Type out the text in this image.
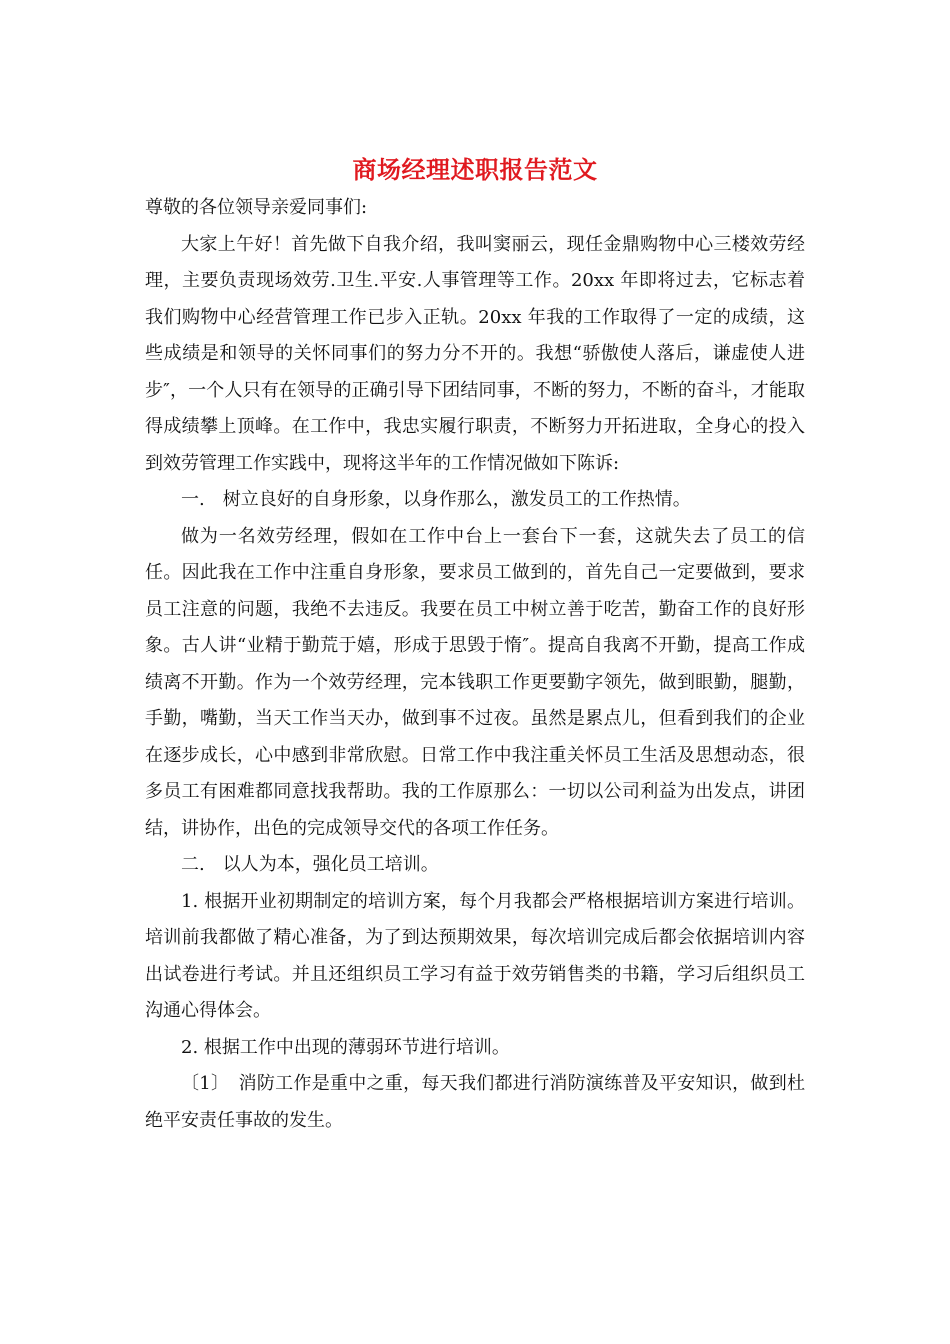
商场经理述职报告范文

尊敬的各位领导亲爱同事们:

大家上午好！首先做下自我介绍，我叫窦丽云，现任金鼎购物中心三楼效劳经理，主要负责现场效劳.卫生.平安.人事管理等工作。20xx 年即将过去，它标志着我们购物中心经营管理工作已步入正轨。20xx 年我的工作取得了一定的成绩，这些成绩是和领导的关怀同事们的努力分不开的。我想“骄傲使人落后，谦虚使人进步″，一个人只有在领导的正确引导下团结同事，不断的努力，不断的奋斗，才能取得成绩攀上顶峰。在工作中，我忠实履行职责，不断努力开拓进取，全身心的投入到效劳管理工作实践中，现将这半年的工作情况做如下陈诉:

一.　树立良好的自身形象，以身作那么，激发员工的工作热情。

做为一名效劳经理，假如在工作中台上一套台下一套，这就失去了员工的信任。因此我在工作中注重自身形象，要求员工做到的，首先自己一定要做到，要求员工注意的问题，我绝不去违反。我要在员工中树立善于吃苦，勤奋工作的良好形象。古人讲“业精于勤荒于嬉，形成于思毁于惰″。提高自我离不开勤，提高工作成绩离不开勤。作为一个效劳经理，完本钱职工作更要勤字领先，做到眼勤，腿勤，手勤，嘴勤，当天工作当天办，做到事不过夜。虽然是累点儿，但看到我们的企业在逐步成长，心中感到非常欣慰。日常工作中我注重关怀员工生活及思想动态，很多员工有困难都同意找我帮助。我的工作原那么：一切以公司利益为出发点，讲团结，讲协作，出色的完成领导交代的各项工作任务。

二.　以人为本，强化员工培训。

1. 根据开业初期制定的培训方案，每个月我都会严格根据培训方案进行培训。培训前我都做了精心准备，为了到达预期效果，每次培训完成后都会依据培训内容出试卷进行考试。并且还组织员工学习有益于效劳销售类的书籍，学习后组织员工沟通心得体会。

2. 根据工作中出现的薄弱环节进行培训。

〔1〕　消防工作是重中之重，每天我们都进行消防演练普及平安知识，做到杜绝平安责任事故的发生。
